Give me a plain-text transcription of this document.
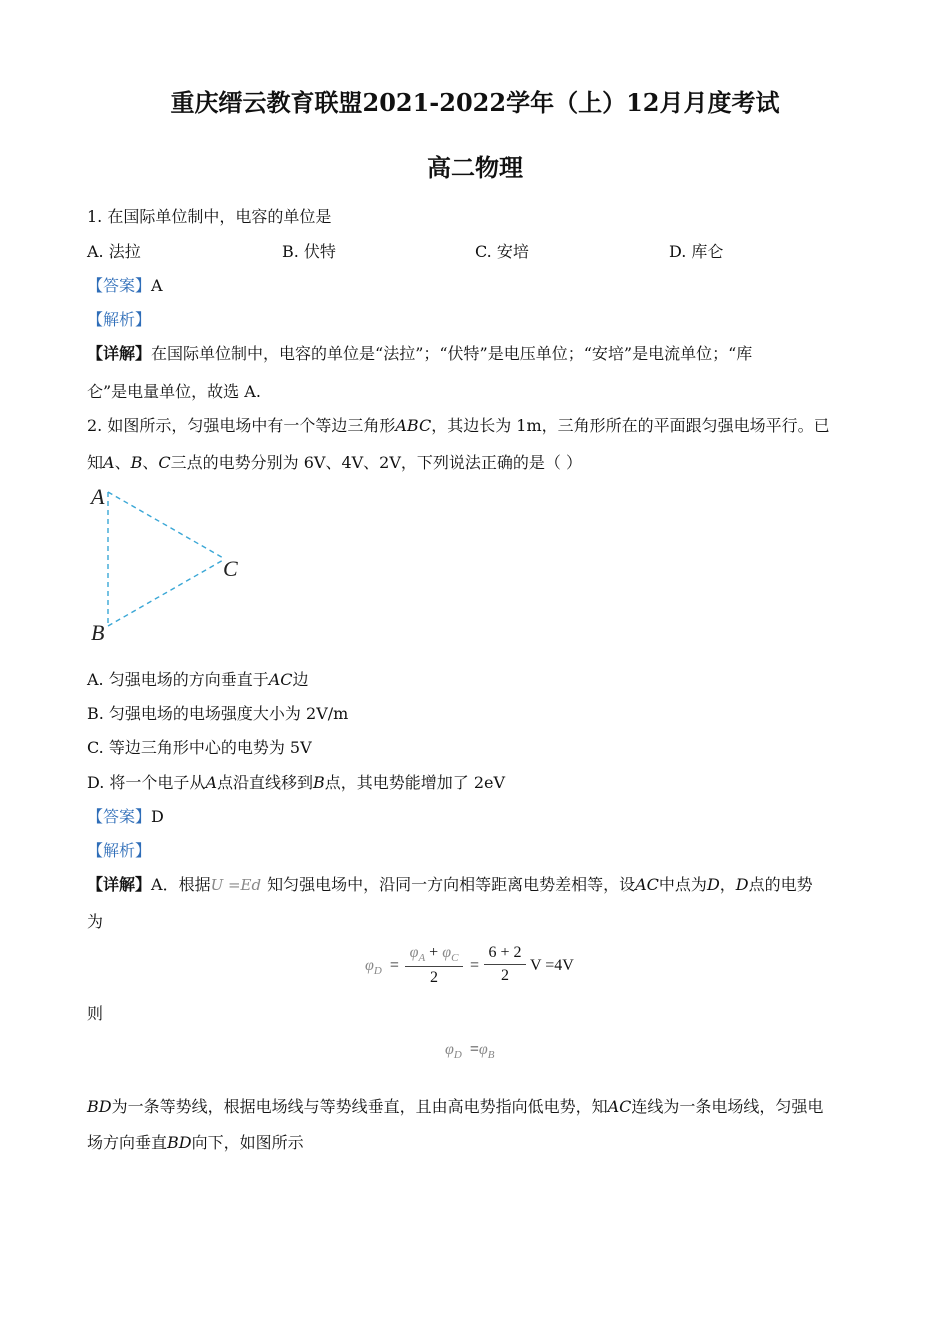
重庆缙云教育联盟2021-2022学年（上）12月月度考试
高二物理
1. 在国际单位制中，电容的单位是
A. 法拉	B. 伏特	C. 安培	D. 库仑
【答案】A
【解析】
【详解】在国际单位制中，电容的单位是“法拉”；“伏特”是电压单位；“安培”是电流单位；“库
仑”是电量单位，故选 A.
2. 如图所示，匀强电场中有一个等边三角形ABC，其边长为 1m，三角形所在的平面跟匀强电场平行。已
知A、B、C三点的电势分别为 6V、4V、2V，下列说法正确的是（ ）
A
B
C
A. 匀强电场的方向垂直于AC边
B. 匀强电场的电场强度大小为 2V/m
C. 等边三角形中心的电势为 5V
D. 将一个电子从A点沿直线移到B点，其电势能增加了 2eV
【答案】D
【解析】
【详解】A．根据U =Ed 知匀强电场中，沿同一方向相等距离电势差相等，设AC中点为D，D点的电势
为
$\varphi_D$ =
$\varphi_A + \varphi_C$
2
=
6 + 2
2
V =4V
则
$\varphi_D =\varphi_B$
BD为一条等势线，根据电场线与等势线垂直，且由高电势指向低电势，知AC连线为一条电场线，匀强电
场方向垂直BD向下，如图所示
